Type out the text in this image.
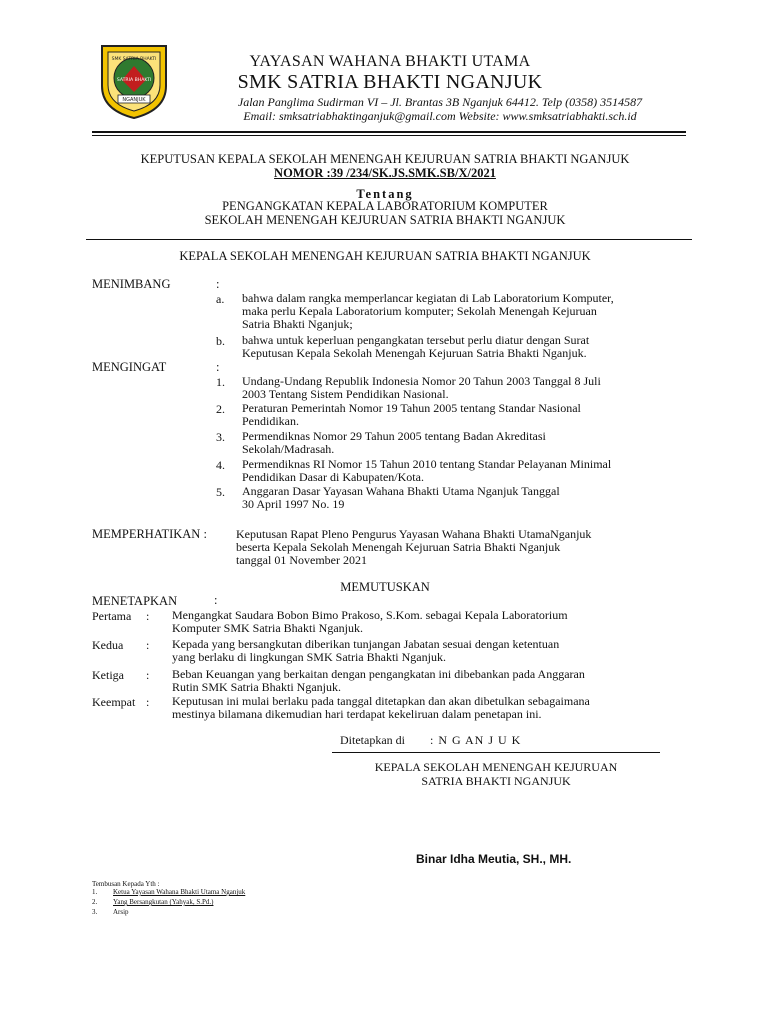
NGANJUK
SMK SATRIA BHAKTI
SATRIA BHAKTI
YAYASAN WAHANA BHAKTI UTAMA
SMK SATRIA BHAKTI NGANJUK
Jalan Panglima Sudirman VI – Jl. Brantas 3B Nganjuk 64412. Telp (0358) 3514587
Email: smksatriabhaktinganjuk@gmail.com Website: www.smksatriabhakti.sch.id
KEPUTUSAN KEPALA SEKOLAH MENENGAH KEJURUAN SATRIA BHAKTI NGANJUK
NOMOR :39 /234/SK.JS.SMK.SB/X/2021
Tentang
PENGANGKATAN KEPALA LABORATORIUM KOMPUTER
SEKOLAH MENENGAH KEJURUAN SATRIA BHAKTI NGANJUK
KEPALA SEKOLAH MENENGAH KEJURUAN SATRIA BHAKTI NGANJUK
MENIMBANG	:
a. bahwa dalam rangka memperlancar kegiatan di Lab Laboratorium Komputer,
maka perlu Kepala Laboratorium komputer; Sekolah Menengah Kejuruan
Satria Bhakti Nganjuk;
b. bahwa untuk keperluan pengangkatan tersebut perlu diatur dengan Surat
Keputusan Kepala Sekolah Menengah Kejuruan Satria Bhakti Nganjuk.
MENGINGAT	:
1. Undang-Undang Republik Indonesia Nomor 20 Tahun 2003 Tanggal 8 Juli
2003 Tentang Sistem Pendidikan Nasional.
2. Peraturan Pemerintah Nomor 19 Tahun 2005 tentang Standar Nasional
Pendidikan.
3. Permendiknas Nomor 29 Tahun 2005 tentang Badan Akreditasi
Sekolah/Madrasah.
4. Permendiknas RI Nomor 15 Tahun 2010 tentang Standar Pelayanan Minimal
Pendidikan Dasar di Kabupaten/Kota.
5. Anggaran Dasar Yayasan Wahana Bhakti Utama Nganjuk Tanggal
30 April 1997 No. 19
MEMPERHATIKAN : Keputusan Rapat Pleno Pengurus Yayasan Wahana Bhakti UtamaNganjuk
beserta Kepala Sekolah Menengah Kejuruan Satria Bhakti Nganjuk
tanggal 01 November 2021
MEMUTUSKAN
MENETAPKAN	:
Pertama : Mengangkat Saudara Bobon Bimo Prakoso, S.Kom. sebagai Kepala Laboratorium
Komputer SMK Satria Bhakti Nganjuk.
Kedua : Kepada yang bersangkutan diberikan tunjangan Jabatan sesuai dengan ketentuan
yang berlaku di lingkungan SMK Satria Bhakti Nganjuk.
Ketiga : Beban Keuangan yang berkaitan dengan pengangkatan ini dibebankan pada Anggaran
Rutin SMK Satria Bhakti Nganjuk.
Keempat : Keputusan ini mulai berlaku pada tanggal ditetapkan dan akan dibetulkan sebagaimana
mestinya bilamana dikemudian hari terdapat kekeliruan dalam penetapan ini.
Ditetapkan di : N G AN J U K
KEPALA SEKOLAH MENENGAH KEJURUAN
SATRIA BHAKTI NGANJUK
Binar Idha Meutia, SH., MH.
Tembusan Kepada Yth :
1. Ketua Yayasan Wahana Bhakti Utama Nganjuk
2. Yang Bersangkutan (Yahyak, S.Pd.)
3. Arsip
